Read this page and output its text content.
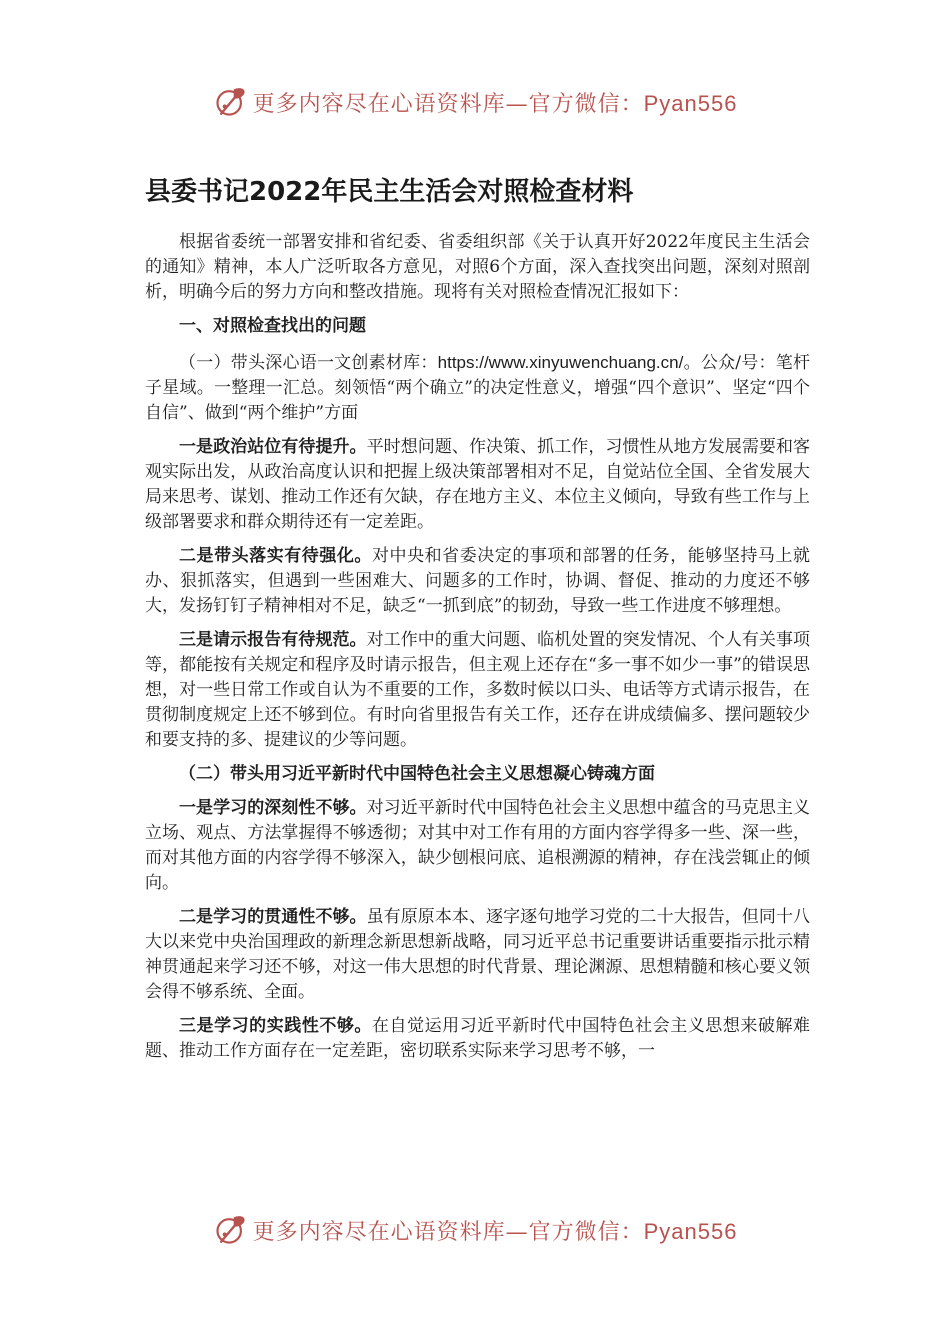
更多内容尽在心语资料库—官方微信：Pyan556
县委书记2022年民主生活会对照检查材料

根据省委统一部署安排和省纪委、省委组织部《关于认真开好2022年度民主生活会的通知》精神，本人广泛听取各方意见，对照6个方面，深入查找突出问题，深刻对照剖析，明确今后的努力方向和整改措施。现将有关对照检查情况汇报如下：

一、对照检查找出的问题

（一）带头深心语一文创素材库：https://www.xinyuwenchuang.cn/。公众/号：笔杆子星域。一整理一汇总。刻领悟“两个确立”的决定性意义，增强“四个意识”、坚定“四个自信”、做到“两个维护”方面

一是政治站位有待提升。平时想问题、作决策、抓工作，习惯性从地方发展需要和客观实际出发，从政治高度认识和把握上级决策部署相对不足，自觉站位全国、全省发展大局来思考、谋划、推动工作还有欠缺，存在地方主义、本位主义倾向，导致有些工作与上级部署要求和群众期待还有一定差距。

二是带头落实有待强化。对中央和省委决定的事项和部署的任务，能够坚持马上就办、狠抓落实，但遇到一些困难大、问题多的工作时，协调、督促、推动的力度还不够大，发扬钉钉子精神相对不足，缺乏“一抓到底”的韧劲，导致一些工作进度不够理想。

三是请示报告有待规范。对工作中的重大问题、临机处置的突发情况、个人有关事项等，都能按有关规定和程序及时请示报告，但主观上还存在“多一事不如少一事”的错误思想，对一些日常工作或自认为不重要的工作，多数时候以口头、电话等方式请示报告，在贯彻制度规定上还不够到位。有时向省里报告有关工作，还存在讲成绩偏多、摆问题较少和要支持的多、提建议的少等问题。

（二）带头用习近平新时代中国特色社会主义思想凝心铸魂方面

一是学习的深刻性不够。对习近平新时代中国特色社会主义思想中蕴含的马克思主义立场、观点、方法掌握得不够透彻；对其中对工作有用的方面内容学得多一些、深一些，而对其他方面的内容学得不够深入，缺少刨根问底、追根溯源的精神，存在浅尝辄止的倾向。

二是学习的贯通性不够。虽有原原本本、逐字逐句地学习党的二十大报告，但同十八大以来党中央治国理政的新理念新思想新战略，同习近平总书记重要讲话重要指示批示精神贯通起来学习还不够，对这一伟大思想的时代背景、理论渊源、思想精髓和核心要义领会得不够系统、全面。

三是学习的实践性不够。在自觉运用习近平新时代中国特色社会主义思想来破解难题、推动工作方面存在一定差距，密切联系实际来学习思考不够，一

更多内容尽在心语资料库—官方微信：Pyan556
